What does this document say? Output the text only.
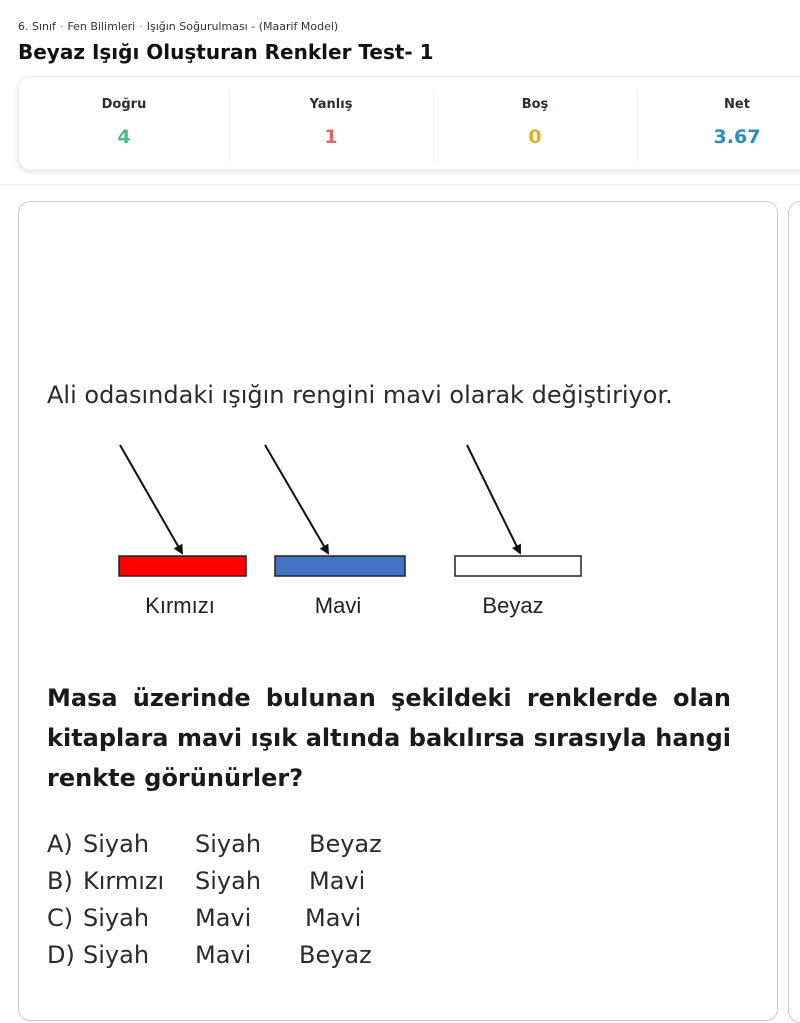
6. Sınıf · Fen Bilimleri · Işığın Soğurulması - (Maarif Model)
Beyaz Işığı Oluşturan Renkler Test- 1
Doğru
4
Yanlış
1
Boş
0
Net
3.67
Ali odasındaki ışığın rengini mavi olarak değiştiriyor.
Kırmızı	Mavi	Beyaz
Masa üzerinde bulunan şekildeki renklerde olan kitaplara mavi ışık altında bakılırsa sırasıyla hangi renkte görünürler?
A) Siyah Siyah Beyaz
B) Kırmızı Siyah Mavi
C) Siyah Mavi Mavi
D) Siyah Mavi Beyaz
